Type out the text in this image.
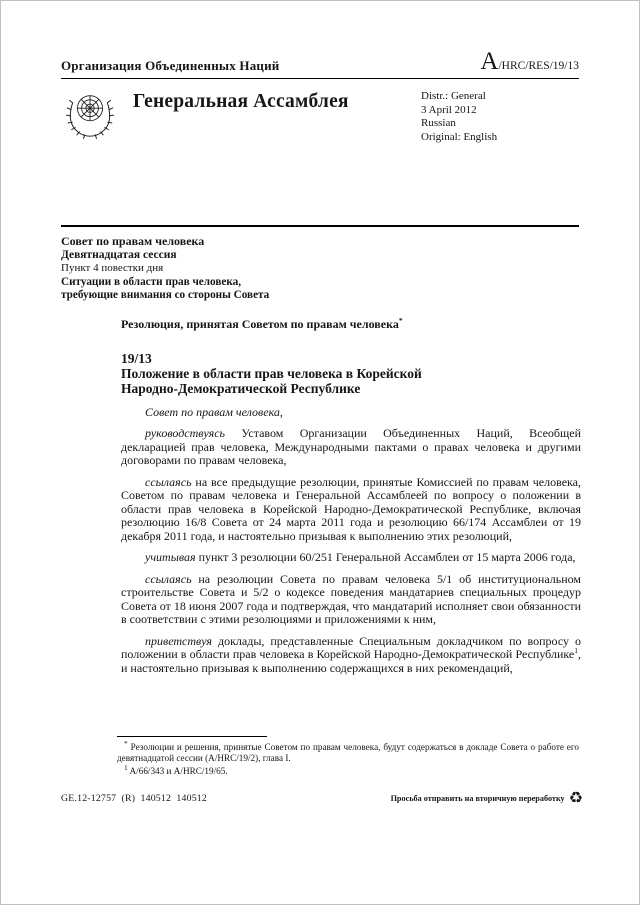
Организация Объединенных Наций	A /HRC/RES/19/13
Генеральная Ассамблея	Distr.: General
3 April 2012
Russian
Original: English
Совет по правам человека
Девятнадцатая сессия
Пункт 4 повестки дня
Ситуации в области прав человека,
требующие внимания со стороны Совета
Резолюция, принятая Советом по правам человека*
19/13
Положение в области прав человека в Корейской Народно-Демократической Республике

Совет по правам человека,

руководствуясь Уставом Организации Объединенных Наций, Всеобщей декларацией прав человека, Международными пактами о правах человека и другими договорами по правам человека,

ссылаясь на все предыдущие резолюции, принятые Комиссией по правам человека, Советом по правам человека и Генеральной Ассамблеей по вопросу о положении в области прав человека в Корейской Народно-Демократической Республике, включая резолюцию 16/8 Совета от 24 марта 2011 года и резолюцию 66/174 Ассамблеи от 19 декабря 2011 года, и настоятельно призывая к выполнению этих резолюций,

учитывая пункт 3 резолюции 60/251 Генеральной Ассамблеи от 15 марта 2006 года,

ссылаясь на резолюции Совета по правам человека 5/1 об институциональном строительстве Совета и 5/2 о кодексе поведения мандатариев специальных процедур Совета от 18 июня 2007 года и подтверждая, что мандатарий исполняет свои обязанности в соответствии с этими резолюциями и приложениями к ним,

приветствуя доклады, представленные Специальным докладчиком по вопросу о положении в области прав человека в Корейской Народно-Демократической Республике$^1$, и настоятельно призывая к выполнению содержащихся в них рекомендаций,

* Резолюции и решения, принятые Советом по правам человека, будут содержаться в докладе Совета о работе его девятнадцатой сессии (A/HRC/19/2), глава I.

$^1$ A/66/343 и A/HRC/19/65.

GE.12-12757  (R)  140512  140512	Просьба отправить на вторичную переработку ♻
